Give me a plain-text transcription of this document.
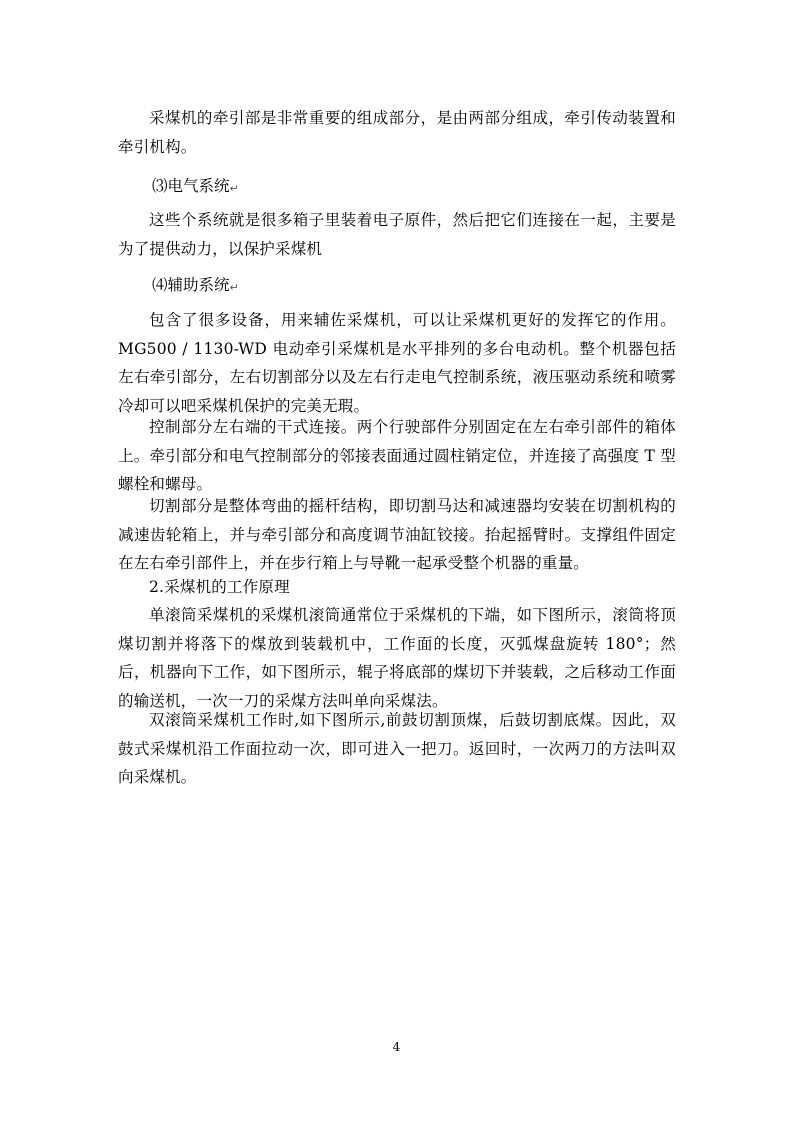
采煤机的牵引部是非常重要的组成部分，是由两部分组成，牵引传动装置和牵引机构。

⑶电气系统↵

这些个系统就是很多箱子里装着电子原件，然后把它们连接在一起，主要是为了提供动力，以保护采煤机

⑷辅助系统↵

包含了很多设备，用来辅佐采煤机，可以让采煤机更好的发挥它的作用。MG500 / 1130-WD 电动牵引采煤机是水平排列的多台电动机。整个机器包括左右牵引部分，左右切割部分以及左右行走电气控制系统，液压驱动系统和喷雾冷却可以吧采煤机保护的完美无瑕。

控制部分左右端的干式连接。两个行驶部件分别固定在左右牵引部件的箱体上。牵引部分和电气控制部分的邻接表面通过圆柱销定位，并连接了高强度 T 型螺栓和螺母。

切割部分是整体弯曲的摇杆结构，即切割马达和减速器均安装在切割机构的减速齿轮箱上，并与牵引部分和高度调节油缸铰接。抬起摇臂时。支撑组件固定在左右牵引部件上，并在步行箱上与导靴一起承受整个机器的重量。

2.采煤机的工作原理

单滚筒采煤机的采煤机滚筒通常位于采煤机的下端，如下图所示，滚筒将顶煤切割并将落下的煤放到装载机中，工作面的长度，灭弧煤盘旋转 180°；然后，机器向下工作，如下图所示，辊子将底部的煤切下并装载，之后移动工作面的输送机，一次一刀的采煤方法叫单向采煤法。

双滚筒采煤机工作时,如下图所示,前鼓切割顶煤，后鼓切割底煤。因此，双鼓式采煤机沿工作面拉动一次，即可进入一把刀。返回时，一次两刀的方法叫双向采煤机。

4
